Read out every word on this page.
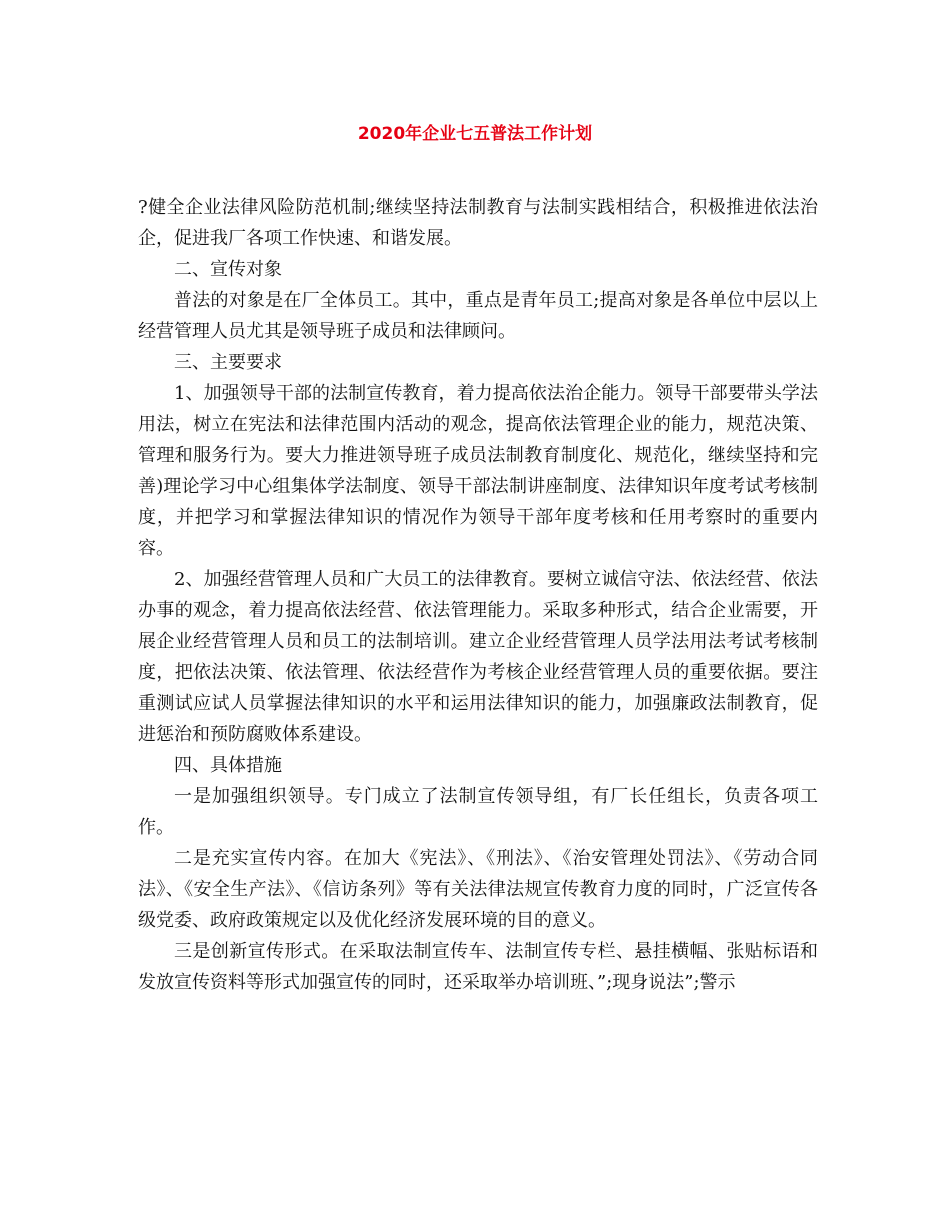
2020年企业七五普法工作计划

?健全企业法律风险防范机制;继续坚持法制教育与法制实践相结合，积极推进依法治企，促进我厂各项工作快速、和谐发展。

二、宣传对象

普法的对象是在厂全体员工。其中，重点是青年员工;提高对象是各单位中层以上经营管理人员尤其是领导班子成员和法律顾问。

三、主要要求

1、加强领导干部的法制宣传教育，着力提高依法治企能力。领导干部要带头学法用法，树立在宪法和法律范围内活动的观念，提高依法管理企业的能力，规范决策、管理和服务行为。要大力推进领导班子成员法制教育制度化、规范化，继续坚持和完善)理论学习中心组集体学法制度、领导干部法制讲座制度、法律知识年度考试考核制度，并把学习和掌握法律知识的情况作为领导干部年度考核和任用考察时的重要内容。

2、加强经营管理人员和广大员工的法律教育。要树立诚信守法、依法经营、依法办事的观念，着力提高依法经营、依法管理能力。采取多种形式，结合企业需要，开展企业经营管理人员和员工的法制培训。建立企业经营管理人员学法用法考试考核制度，把依法决策、依法管理、依法经营作为考核企业经营管理人员的重要依据。要注重测试应试人员掌握法律知识的水平和运用法律知识的能力，加强廉政法制教育，促进惩治和预防腐败体系建设。

四、具体措施

一是加强组织领导。专门成立了法制宣传领导组，有厂长任组长，负责各项工作。

二是充实宣传内容。在加大《宪法》、《刑法》、《治安管理处罚法》、《劳动合同法》、《安全生产法》、《信访条列》等有关法律法规宣传教育力度的同时，广泛宣传各级党委、政府政策规定以及优化经济发展环境的目的意义。

三是创新宣传形式。在采取法制宣传车、法制宣传专栏、悬挂横幅、张贴标语和发放宣传资料等形式加强宣传的同时，还采取举办培训班、”;现身说法”;警示
